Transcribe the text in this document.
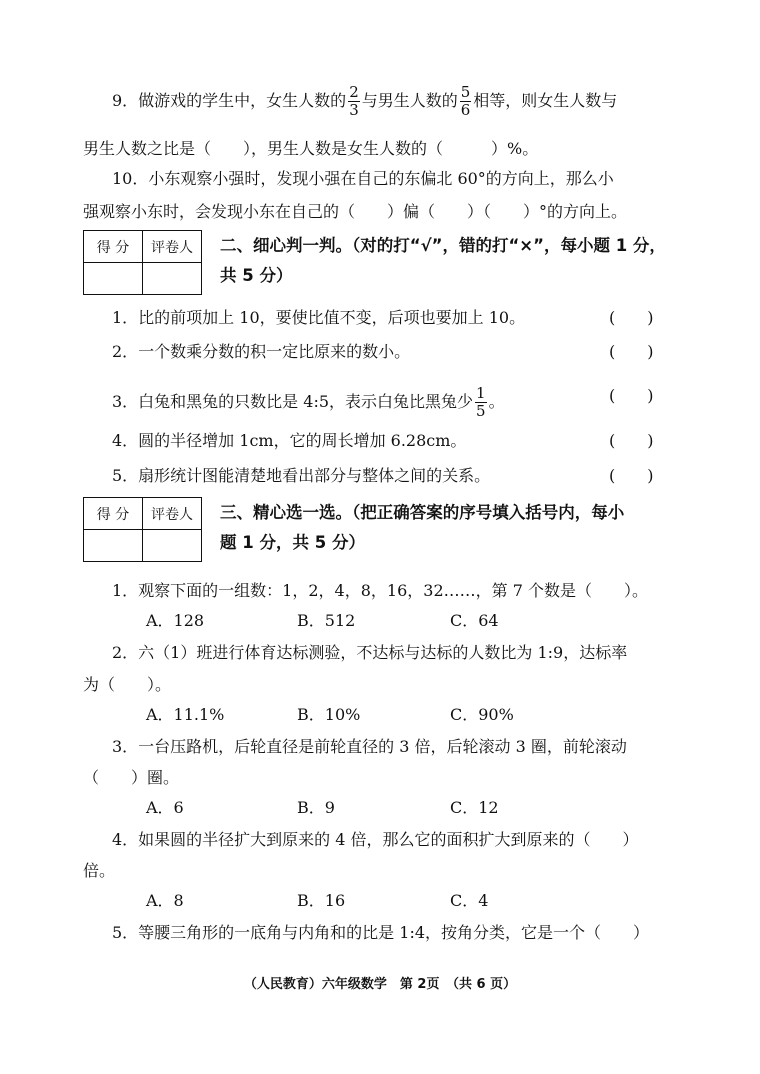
9．做游戏的学生中，女生人数的 $\frac{2}{3}$ 与男生人数的 $\frac{5}{6}$ 相等，则女生人数与
男生人数之比是（　　），男生人数是女生人数的（　　　）%。
10．小东观察小强时，发现小强在自己的东偏北 60°的方向上，那么小
强观察小东时，会发现小东在自己的（　　）偏（　　）（　　）°的方向上。
得 分	评卷人
	二、细心判一判。（对的打“√”，错的打“×”，每小题 1 分，
共 5 分）
1．比的前项加上 10，要使比值不变，后项也要加上 10。	(　　)
2．一个数乘分数的积一定比原来的数小。	(　　)
3．白兔和黑兔的只数比是 4:5，表示白兔比黑兔少 $\frac{1}{5}$ 。	(　　)
4．圆的半径增加 1cm，它的周长增加 6.28cm。	(　　)
5．扇形统计图能清楚地看出部分与整体之间的关系。	(　　)
得 分	评卷人
	三、精心选一选。（把正确答案的序号填入括号内，每小
题 1 分，共 5 分）
1．观察下面的一组数：1，2，4，8，16，32……，第 7 个数是（　　）。
A．128	B．512	C．64
2．六（1）班进行体育达标测验，不达标与达标的人数比为 1:9，达标率
为（　　）。
A．11.1%	B．10%	C．90%
3．一台压路机，后轮直径是前轮直径的 3 倍，后轮滚动 3 圈，前轮滚动
（　　）圈。
A．6	B．9	C．12
4．如果圆的半径扩大到原来的 4 倍，那么它的面积扩大到原来的（　　）
倍。
A．8	B．16	C．4
5．等腰三角形的一底角与内角和的比是 1:4，按角分类，它是一个（　　）
（人民教育）六年级数学　第 2页　（共 6 页）
